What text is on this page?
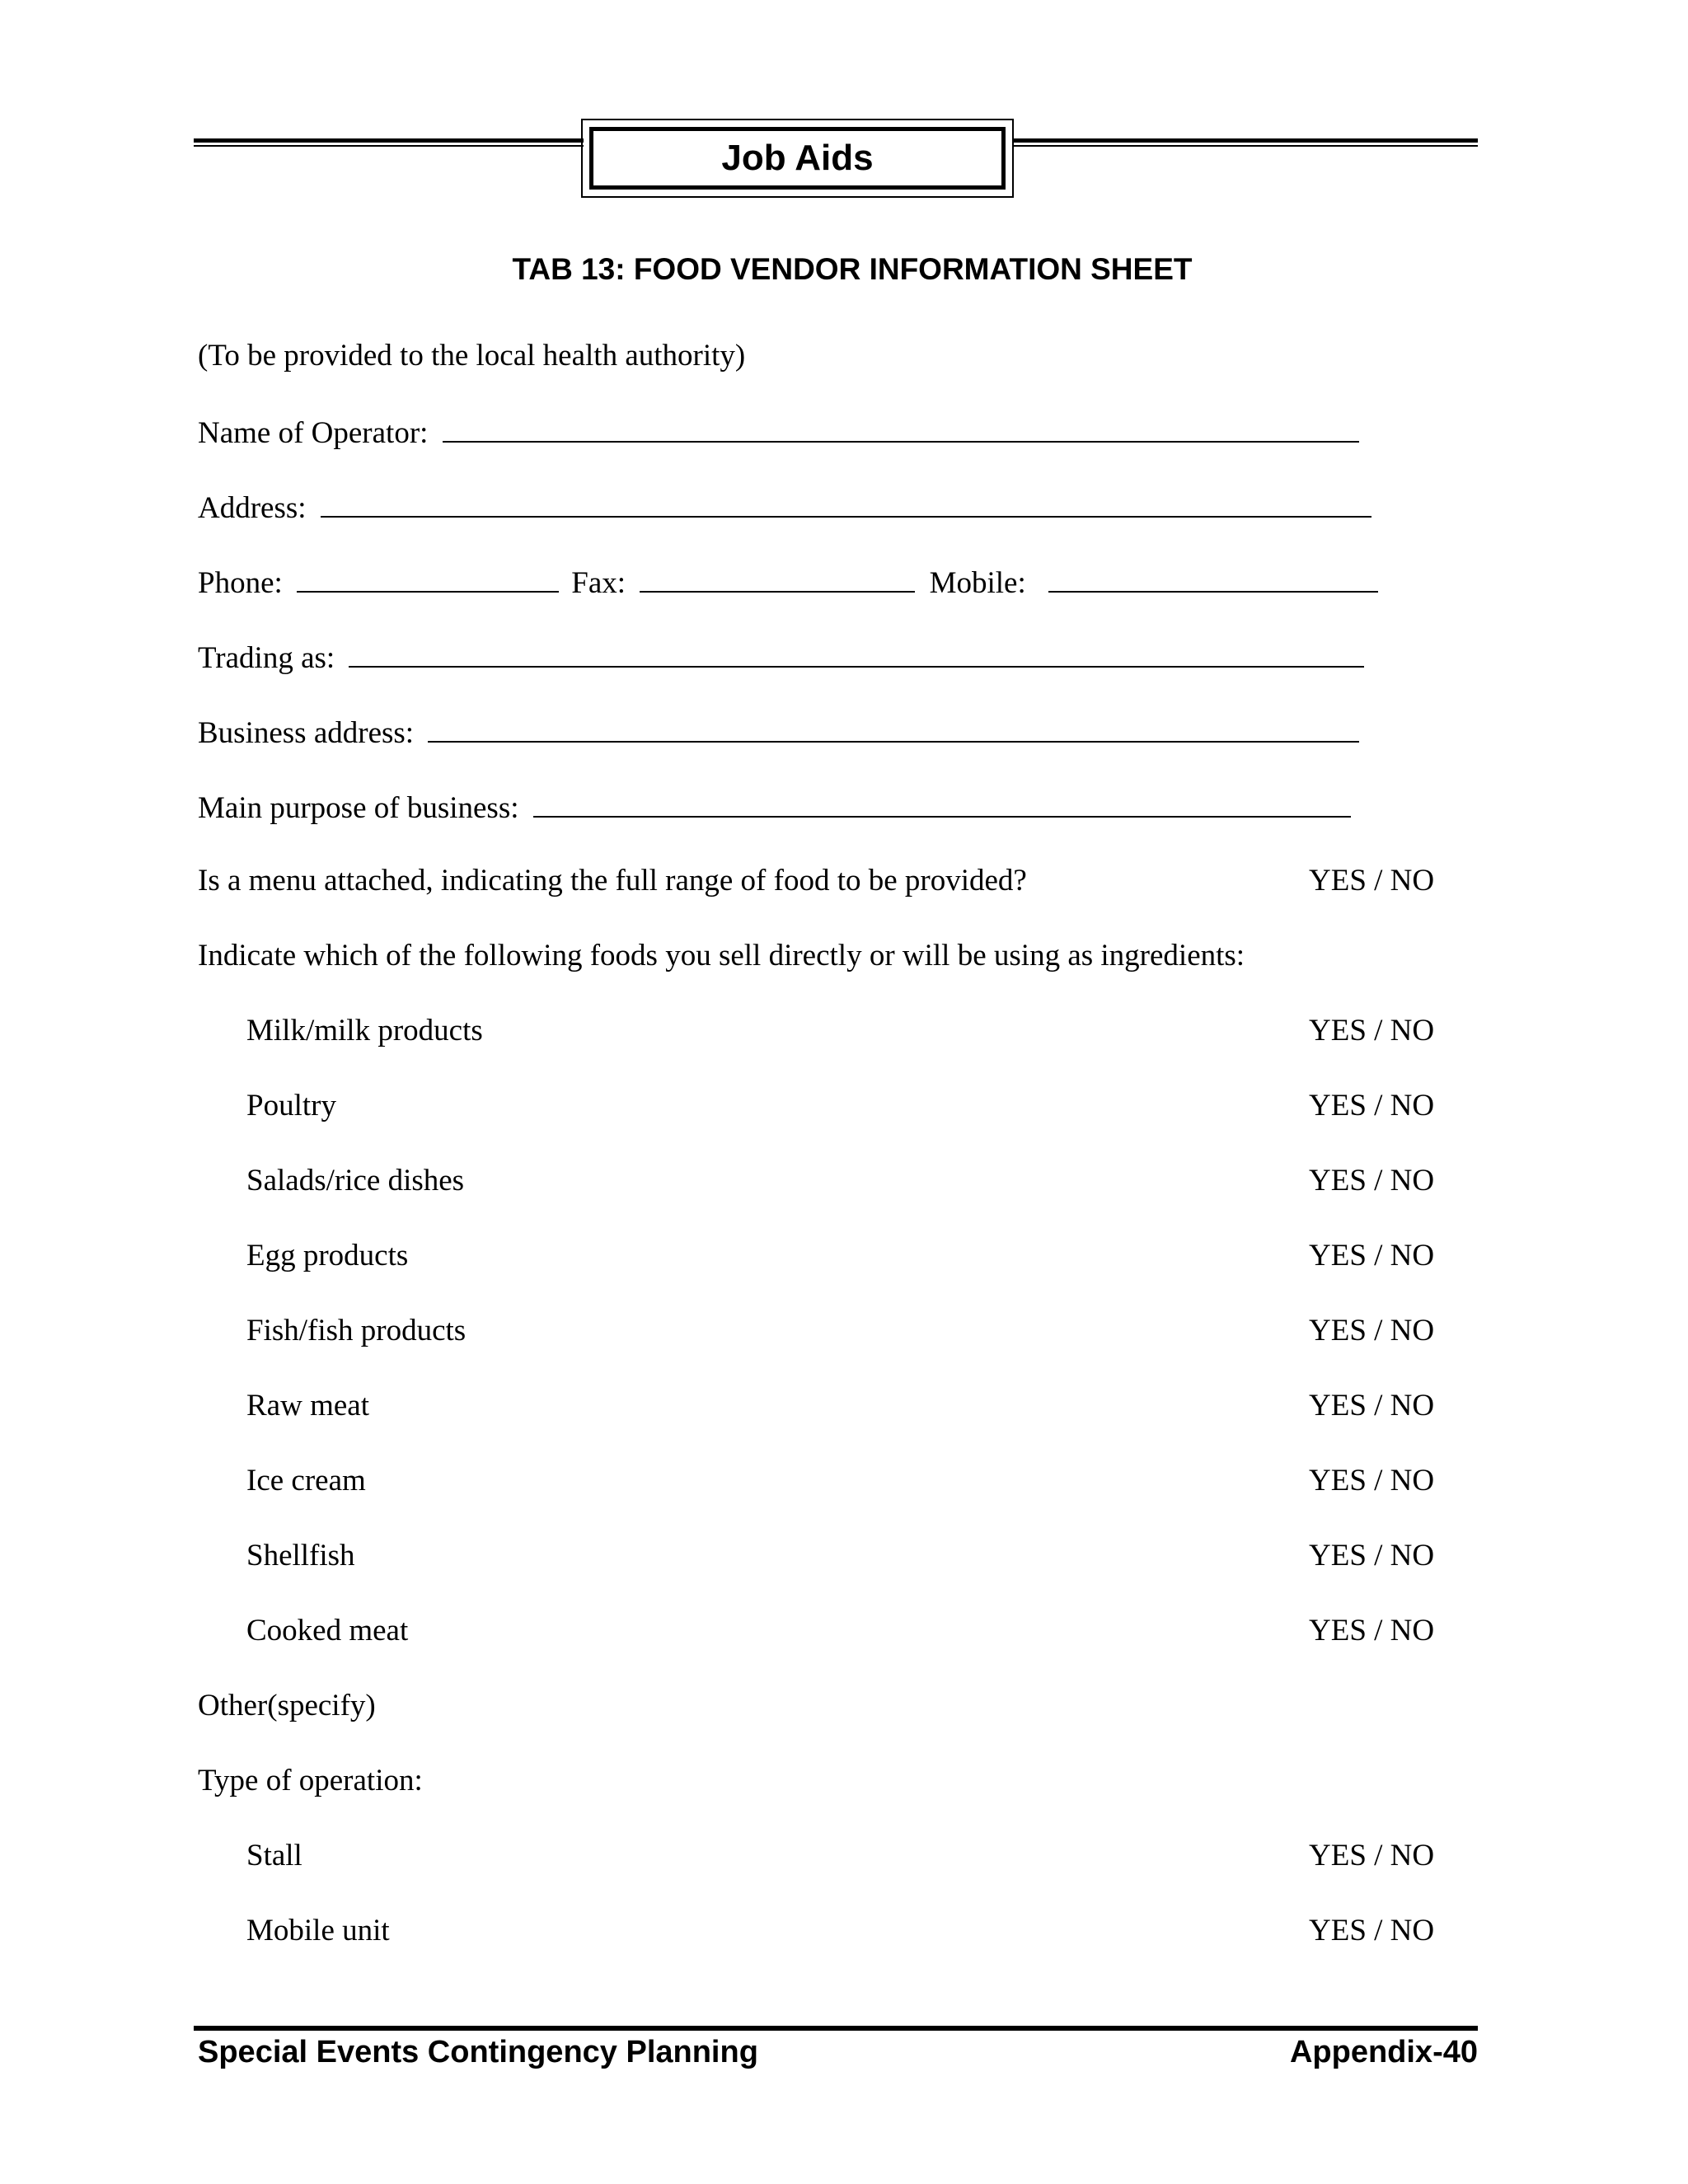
Job Aids
TAB 13: FOOD VENDOR INFORMATION SHEET
(To be provided to the local health authority)
Name of Operator:
Address:
Phone:	Fax:	Mobile:
Trading as:
Business address:
Main purpose of business:
Is a menu attached, indicating the full range of food to be provided?	YES / NO
Indicate which of the following foods you sell directly or will be using as ingredients:
Milk/milk products	YES / NO
Poultry	YES / NO
Salads/rice dishes	YES / NO
Egg products	YES / NO
Fish/fish products	YES / NO
Raw meat	YES / NO
Ice cream	YES / NO
Shellfish	YES / NO
Cooked meat	YES / NO
Other(specify)
Type of operation:
Stall	YES / NO
Mobile unit	YES / NO
Special Events Contingency Planning	Appendix-40
